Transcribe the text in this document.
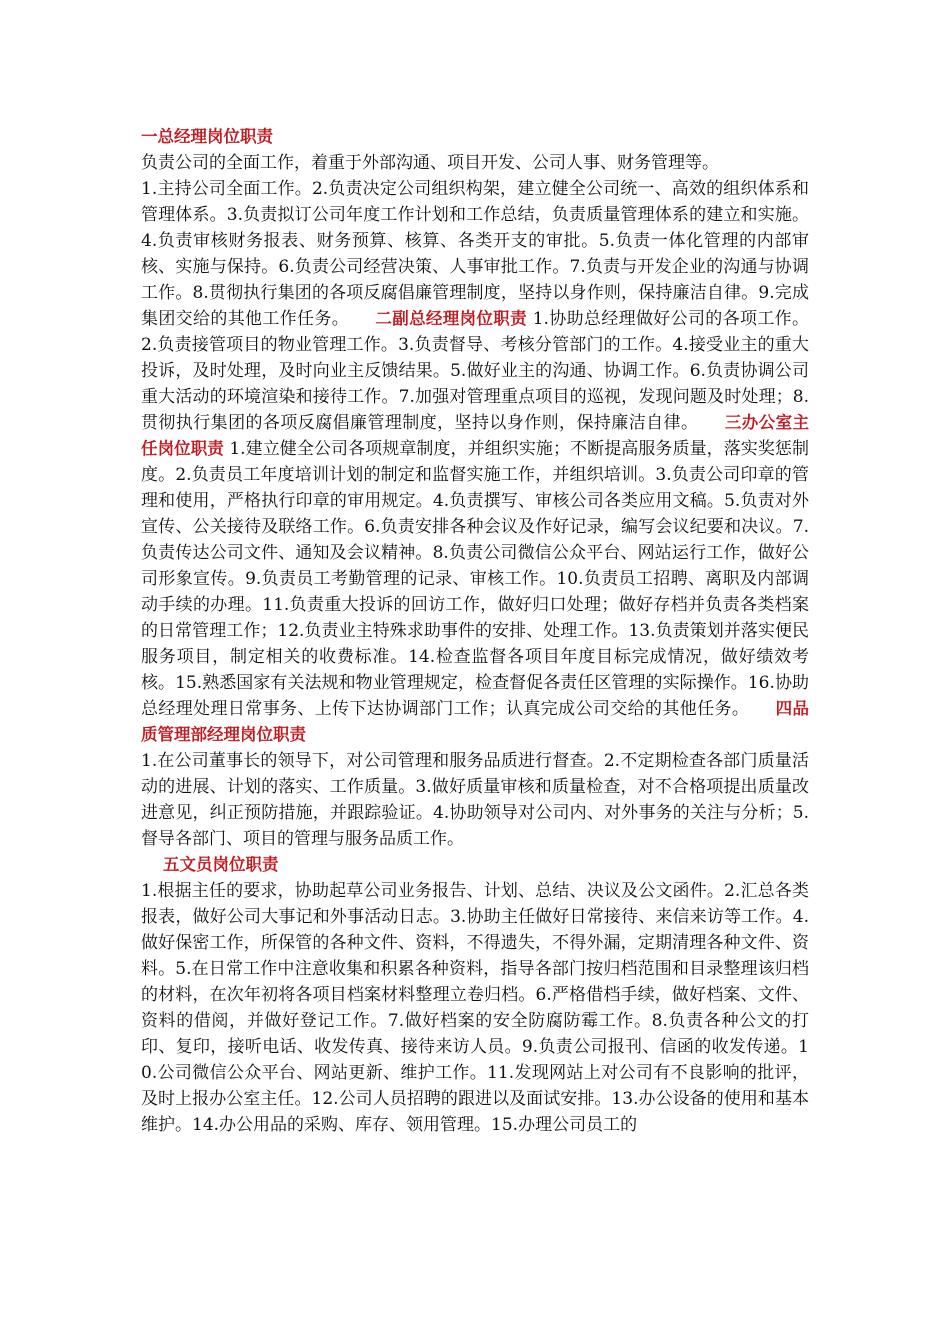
一总经理岗位职责
负责公司的全面工作，着重于外部沟通、项目开发、公司人事、财务管理等。
1.主持公司全面工作。2.负责决定公司组织构架，建立健全公司统一、高效的组织体系和管理体系。3.负责拟订公司年度工作计划和工作总结，负责质量管理体系的建立和实施。4.负责审核财务报表、财务预算、核算、各类开支的审批。5.负责一体化管理的内部审核、实施与保持。6.负责公司经营决策、人事审批工作。7.负责与开发企业的沟通与协调工作。8.贯彻执行集团的各项反腐倡廉管理制度，坚持以身作则，保持廉洁自律。9.完成集团交给的其他工作任务。 二副总经理岗位职责 1.协助总经理做好公司的各项工作。2.负责接管项目的物业管理工作。3.负责督导、考核分管部门的工作。4.接受业主的重大投诉，及时处理，及时向业主反馈结果。5.做好业主的沟通、协调工作。6.负责协调公司重大活动的环境渲染和接待工作。7.加强对管理重点项目的巡视，发现问题及时处理；8.贯彻执行集团的各项反腐倡廉管理制度，坚持以身作则，保持廉洁自律。 三办公室主任岗位职责 1.建立健全公司各项规章制度，并组织实施；不断提高服务质量，落实奖惩制度。2.负责员工年度培训计划的制定和监督实施工作，并组织培训。3.负责公司印章的管理和使用，严格执行印章的审用规定。4.负责撰写、审核公司各类应用文稿。5.负责对外宣传、公关接待及联络工作。6.负责安排各种会议及作好记录，编写会议纪要和决议。7.负责传达公司文件、通知及会议精神。8.负责公司微信公众平台、网站运行工作，做好公司形象宣传。9.负责员工考勤管理的记录、审核工作。10.负责员工招聘、离职及内部调动手续的办理。11.负责重大投诉的回访工作，做好归口处理；做好存档并负责各类档案的日常管理工作；12.负责业主特殊求助事件的安排、处理工作。13.负责策划并落实便民服务项目，制定相关的收费标准。14.检查监督各项目年度目标完成情况，做好绩效考核。15.熟悉国家有关法规和物业管理规定，检查督促各责任区管理的实际操作。16.协助总经理处理日常事务、上传下达协调部门工作；认真完成公司交给的其他任务。 四品质管理部经理岗位职责
1.在公司董事长的领导下，对公司管理和服务品质进行督查。2.不定期检查各部门质量活动的进展、计划的落实、工作质量。3.做好质量审核和质量检查，对不合格项提出质量改进意见，纠正预防措施，并跟踪验证。4.协助领导对公司内、对外事务的关注与分析；5.督导各部门、项目的管理与服务品质工作。
五文员岗位职责
1.根据主任的要求，协助起草公司业务报告、计划、总结、决议及公文函件。2.汇总各类报表，做好公司大事记和外事活动日志。3.协助主任做好日常接待、来信来访等工作。4.做好保密工作，所保管的各种文件、资料，不得遗失，不得外漏，定期清理各种文件、资料。5.在日常工作中注意收集和积累各种资料，指导各部门按归档范围和目录整理该归档的材料，在次年初将各项目档案材料整理立卷归档。6.严格借档手续，做好档案、文件、资料的借阅，并做好登记工作。7.做好档案的安全防腐防霉工作。8.负责各种公文的打印、复印，接听电话、收发传真、接待来访人员。9.负责公司报刊、信函的收发传递。10.公司微信公众平台、网站更新、维护工作。11.发现网站上对公司有不良影响的批评，及时上报办公室主任。12.公司人员招聘的跟进以及面试安排。13.办公设备的使用和基本维护。14.办公用品的采购、库存、领用管理。15.办理公司员工的
